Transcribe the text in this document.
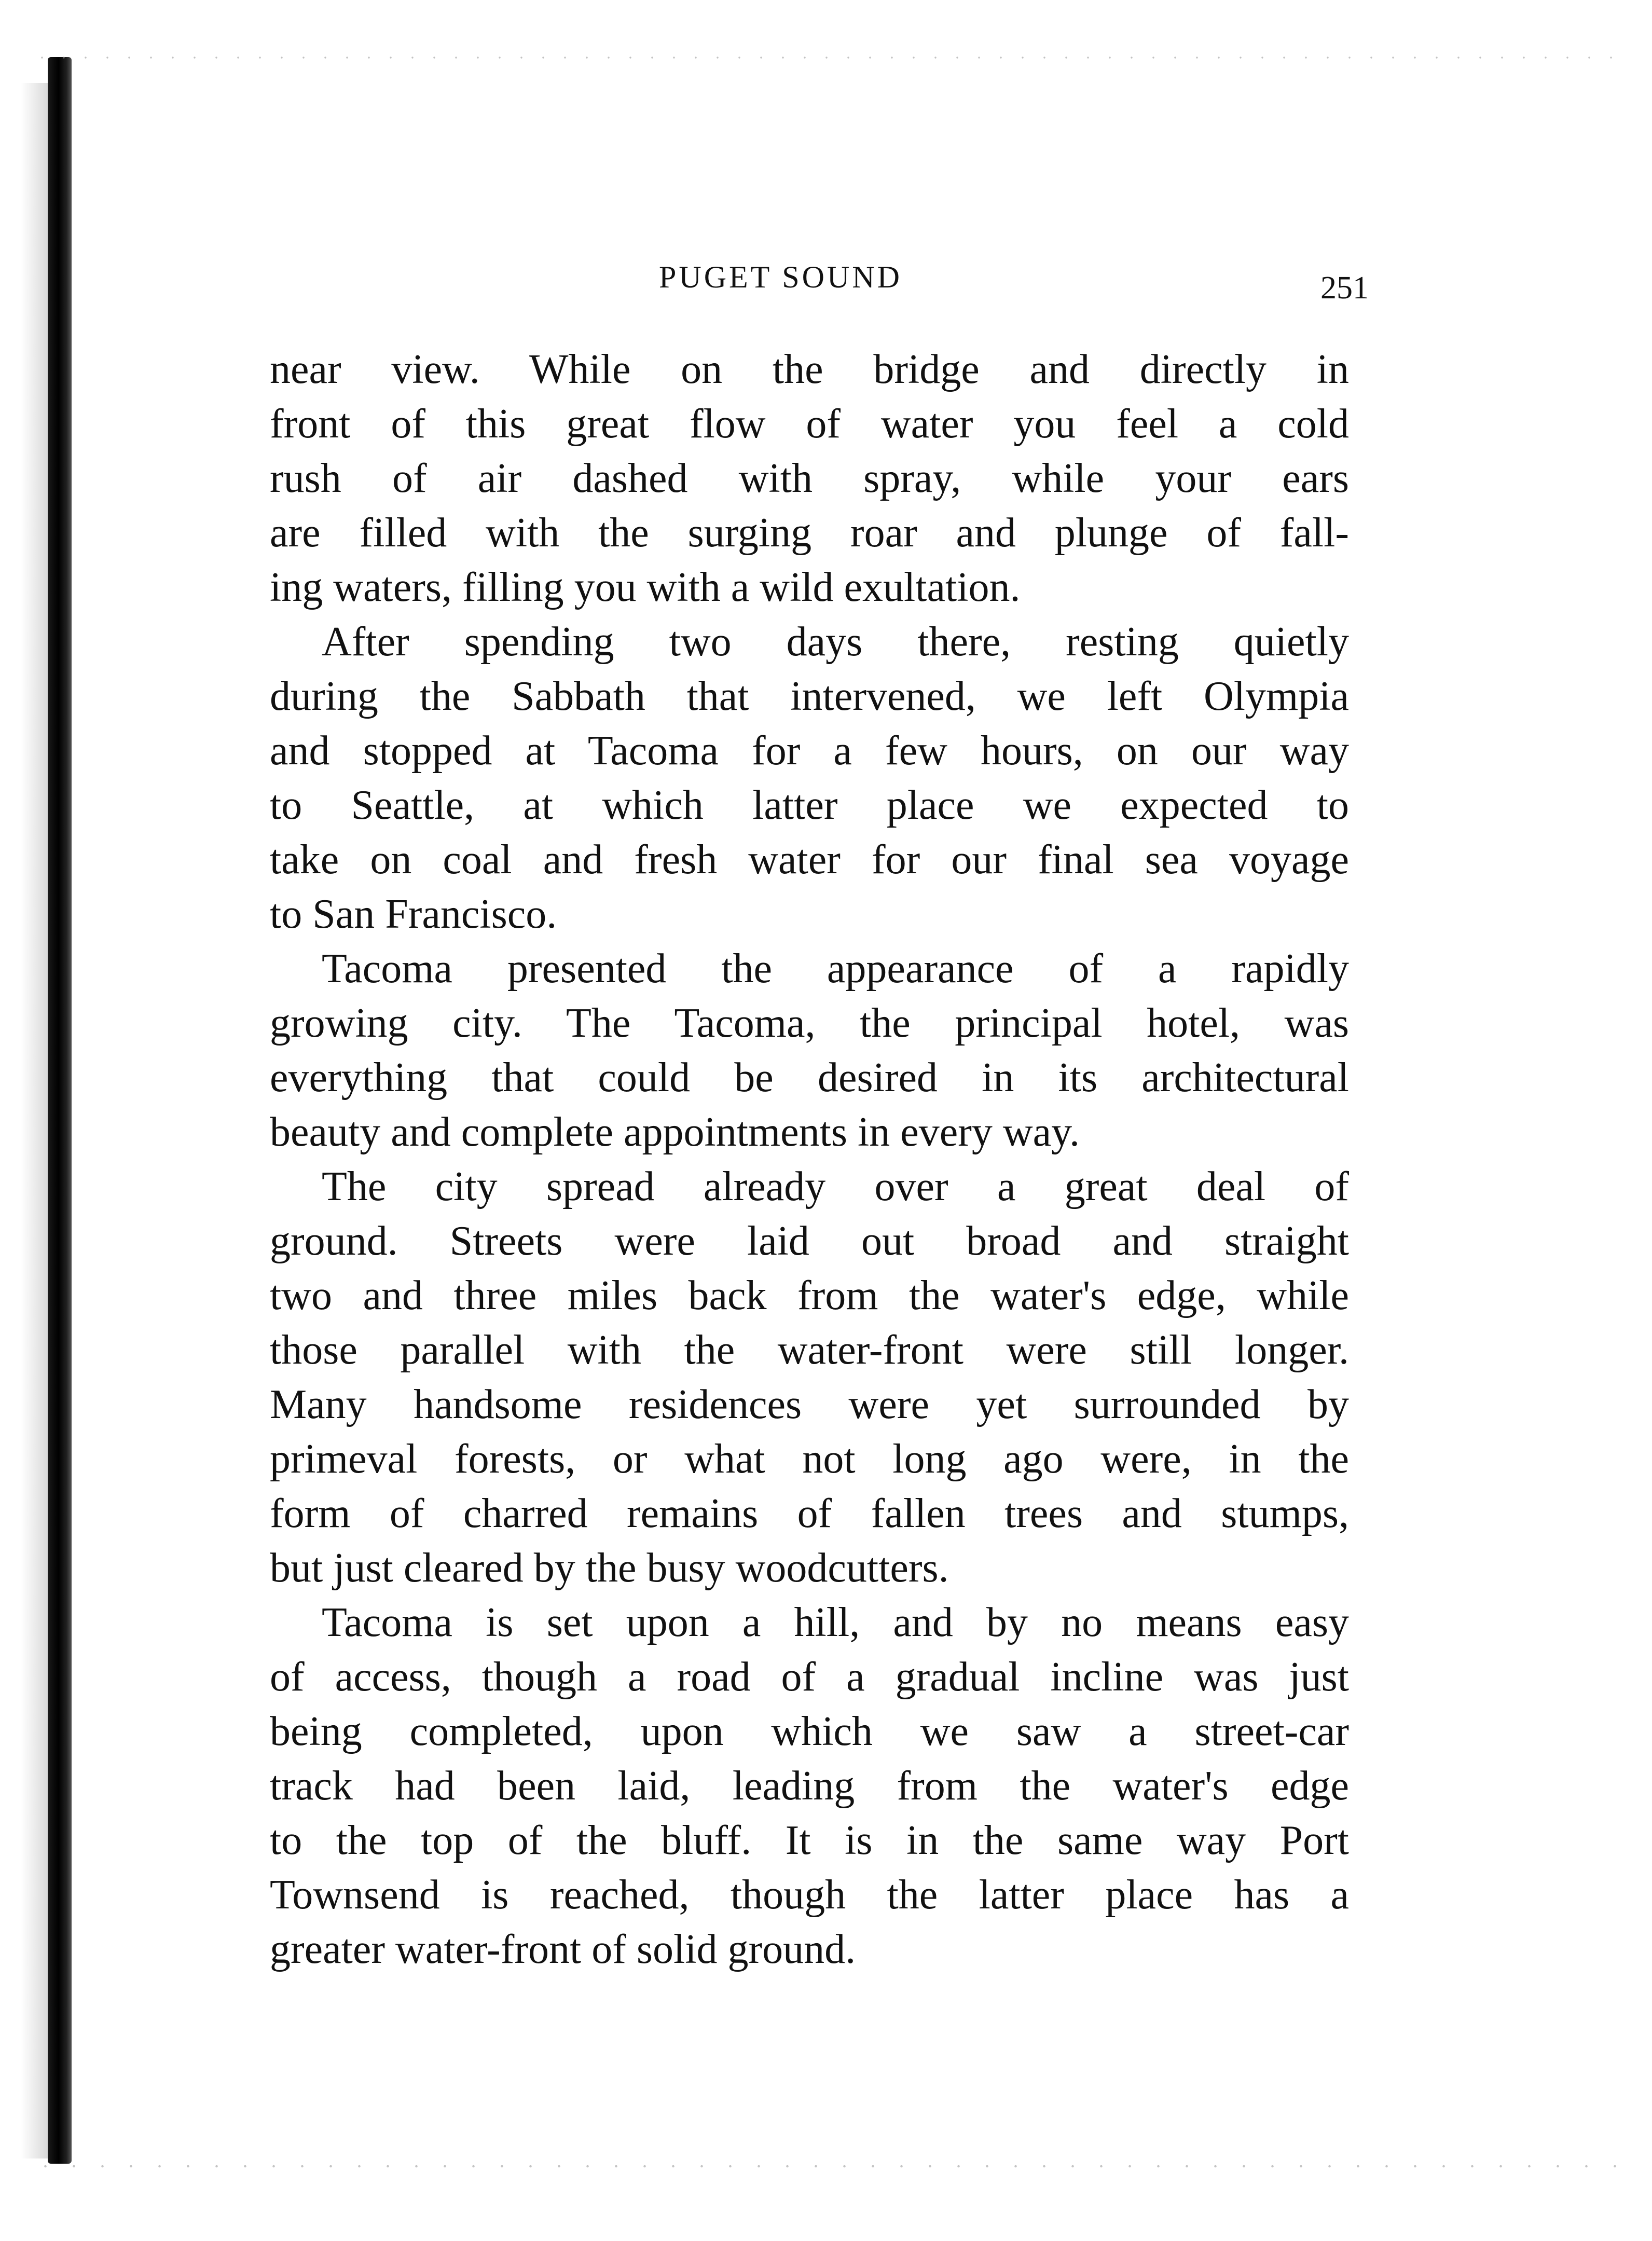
PUGET SOUND	251
near view. While on the bridge and directly in
front of this great flow of water you feel a cold
rush of air dashed with spray, while your ears
are filled with the surging roar and plunge of fall-
ing waters, filling you with a wild exultation.
After spending two days there, resting quietly
during the Sabbath that intervened, we left Olympia
and stopped at Tacoma for a few hours, on our way
to Seattle, at which latter place we expected to
take on coal and fresh water for our final sea voyage
to San Francisco.
Tacoma presented the appearance of a rapidly
growing city. The Tacoma, the principal hotel, was
everything that could be desired in its architectural
beauty and complete appointments in every way.
The city spread already over a great deal of
ground. Streets were laid out broad and straight
two and three miles back from the water's edge, while
those parallel with the water-front were still longer.
Many handsome residences were yet surrounded by
primeval forests, or what not long ago were, in the
form of charred remains of fallen trees and stumps,
but just cleared by the busy woodcutters.
Tacoma is set upon a hill, and by no means easy
of access, though a road of a gradual incline was just
being completed, upon which we saw a street-car
track had been laid, leading from the water's edge
to the top of the bluff. It is in the same way Port
Townsend is reached, though the latter place has a
greater water-front of solid ground.
